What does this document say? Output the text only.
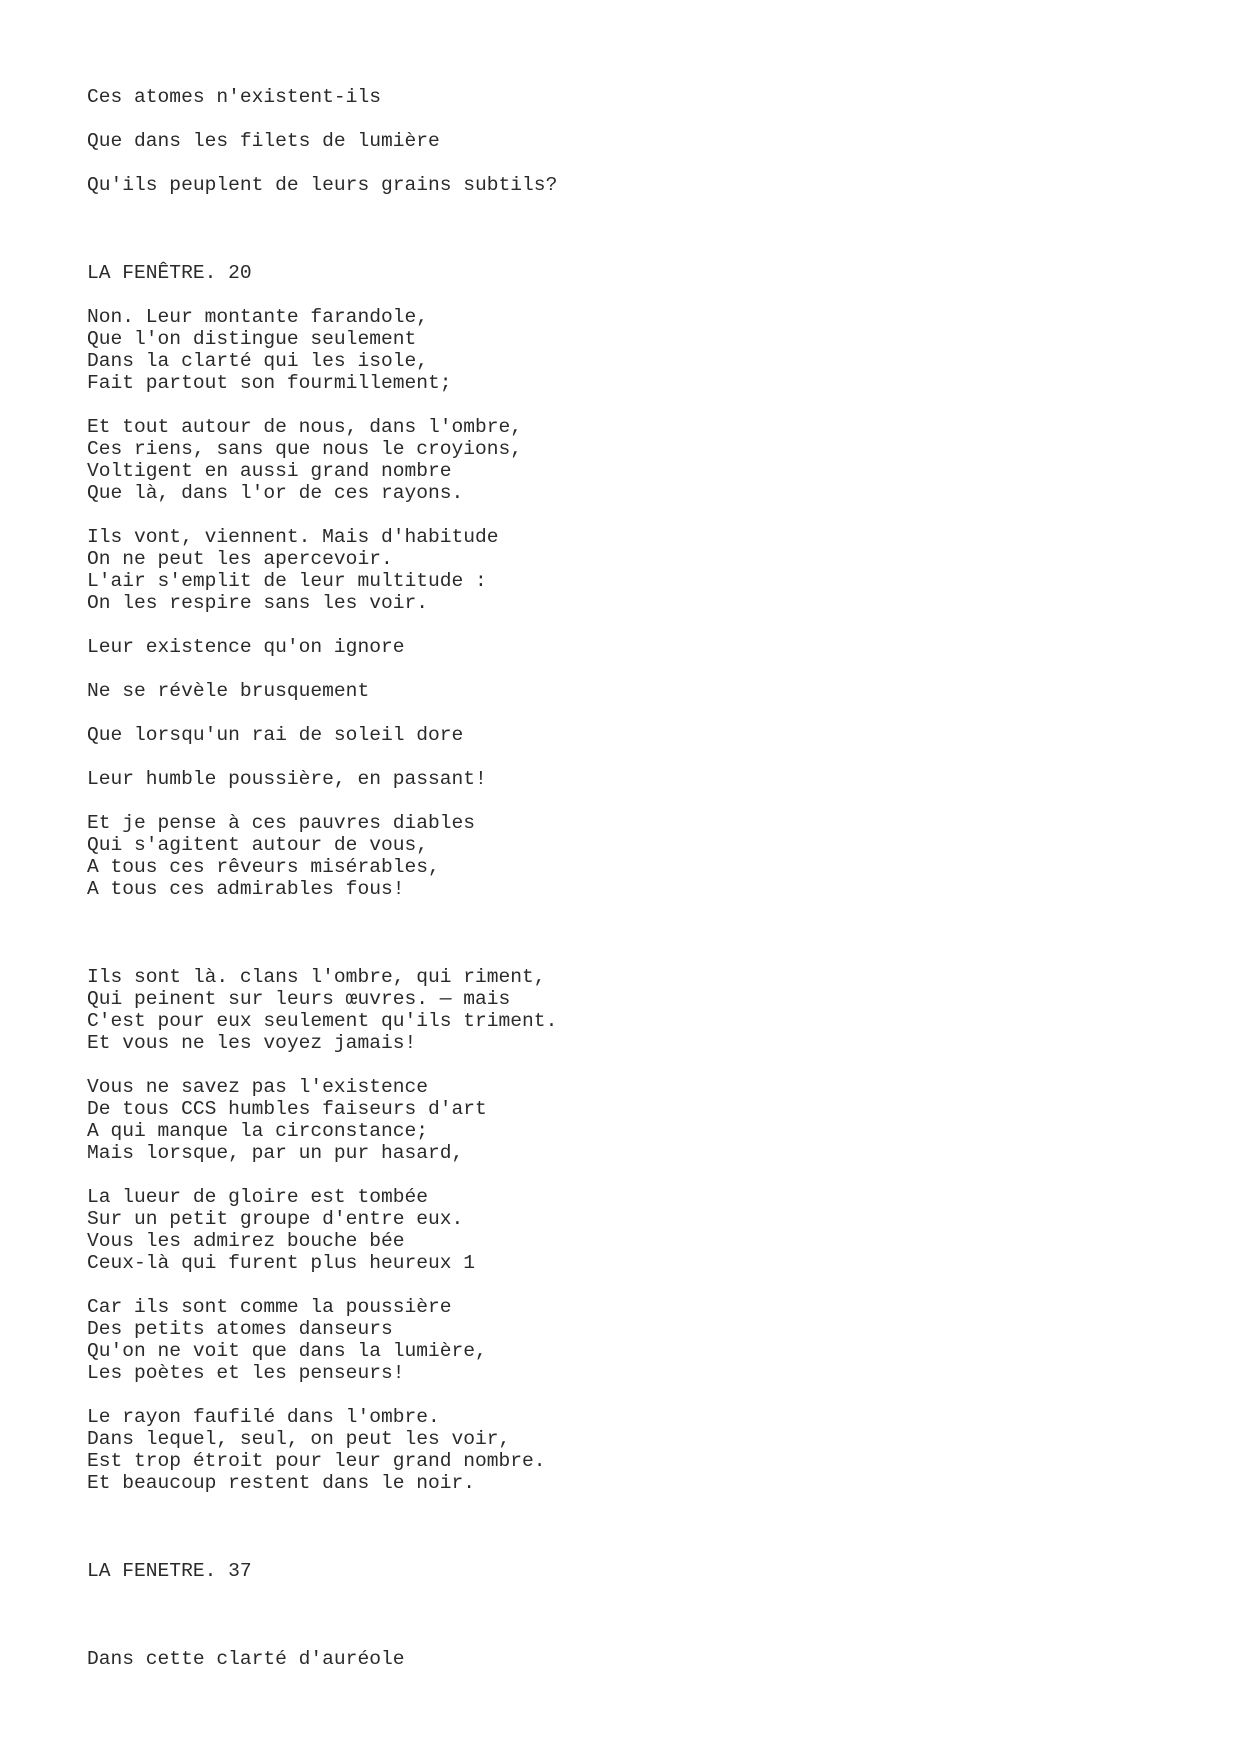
Ces atomes n'existent-ils

Que dans les filets de lumière

Qu'ils peuplent de leurs grains subtils?

LA FENÊTRE. 20

Non. Leur montante farandole,

Que l'on distingue seulement

Dans la clarté qui les isole,

Fait partout son fourmillement;

Et tout autour de nous, dans l'ombre,

Ces riens, sans que nous le croyions,

Voltigent en aussi grand nombre

Que là, dans l'or de ces rayons.

Ils vont, viennent. Mais d'habitude

On ne peut les apercevoir.

L'air s'emplit de leur multitude :

On les respire sans les voir.

Leur existence qu'on ignore

Ne se révèle brusquement

Que lorsqu'un rai de soleil dore

Leur humble poussière, en passant!

Et je pense à ces pauvres diables

Qui s'agitent autour de vous,

A tous ces rêveurs misérables,

A tous ces admirables fous!

Ils sont là. clans l'ombre, qui riment,

Qui peinent sur leurs œuvres. — mais

C'est pour eux seulement qu'ils triment.

Et vous ne les voyez jamais!

Vous ne savez pas l'existence

De tous CCS humbles faiseurs d'art

A qui manque la circonstance;

Mais lorsque, par un pur hasard,

La lueur de gloire est tombée

Sur un petit groupe d'entre eux.

Vous les admirez bouche bée

Ceux-là qui furent plus heureux 1

Car ils sont comme la poussière

Des petits atomes danseurs

Qu'on ne voit que dans la lumière,

Les poètes et les penseurs!

Le rayon faufilé dans l'ombre.

Dans lequel, seul, on peut les voir,

Est trop étroit pour leur grand nombre.

Et beaucoup restent dans le noir.

LA FENETRE. 37

Dans cette clarté d'auréole
